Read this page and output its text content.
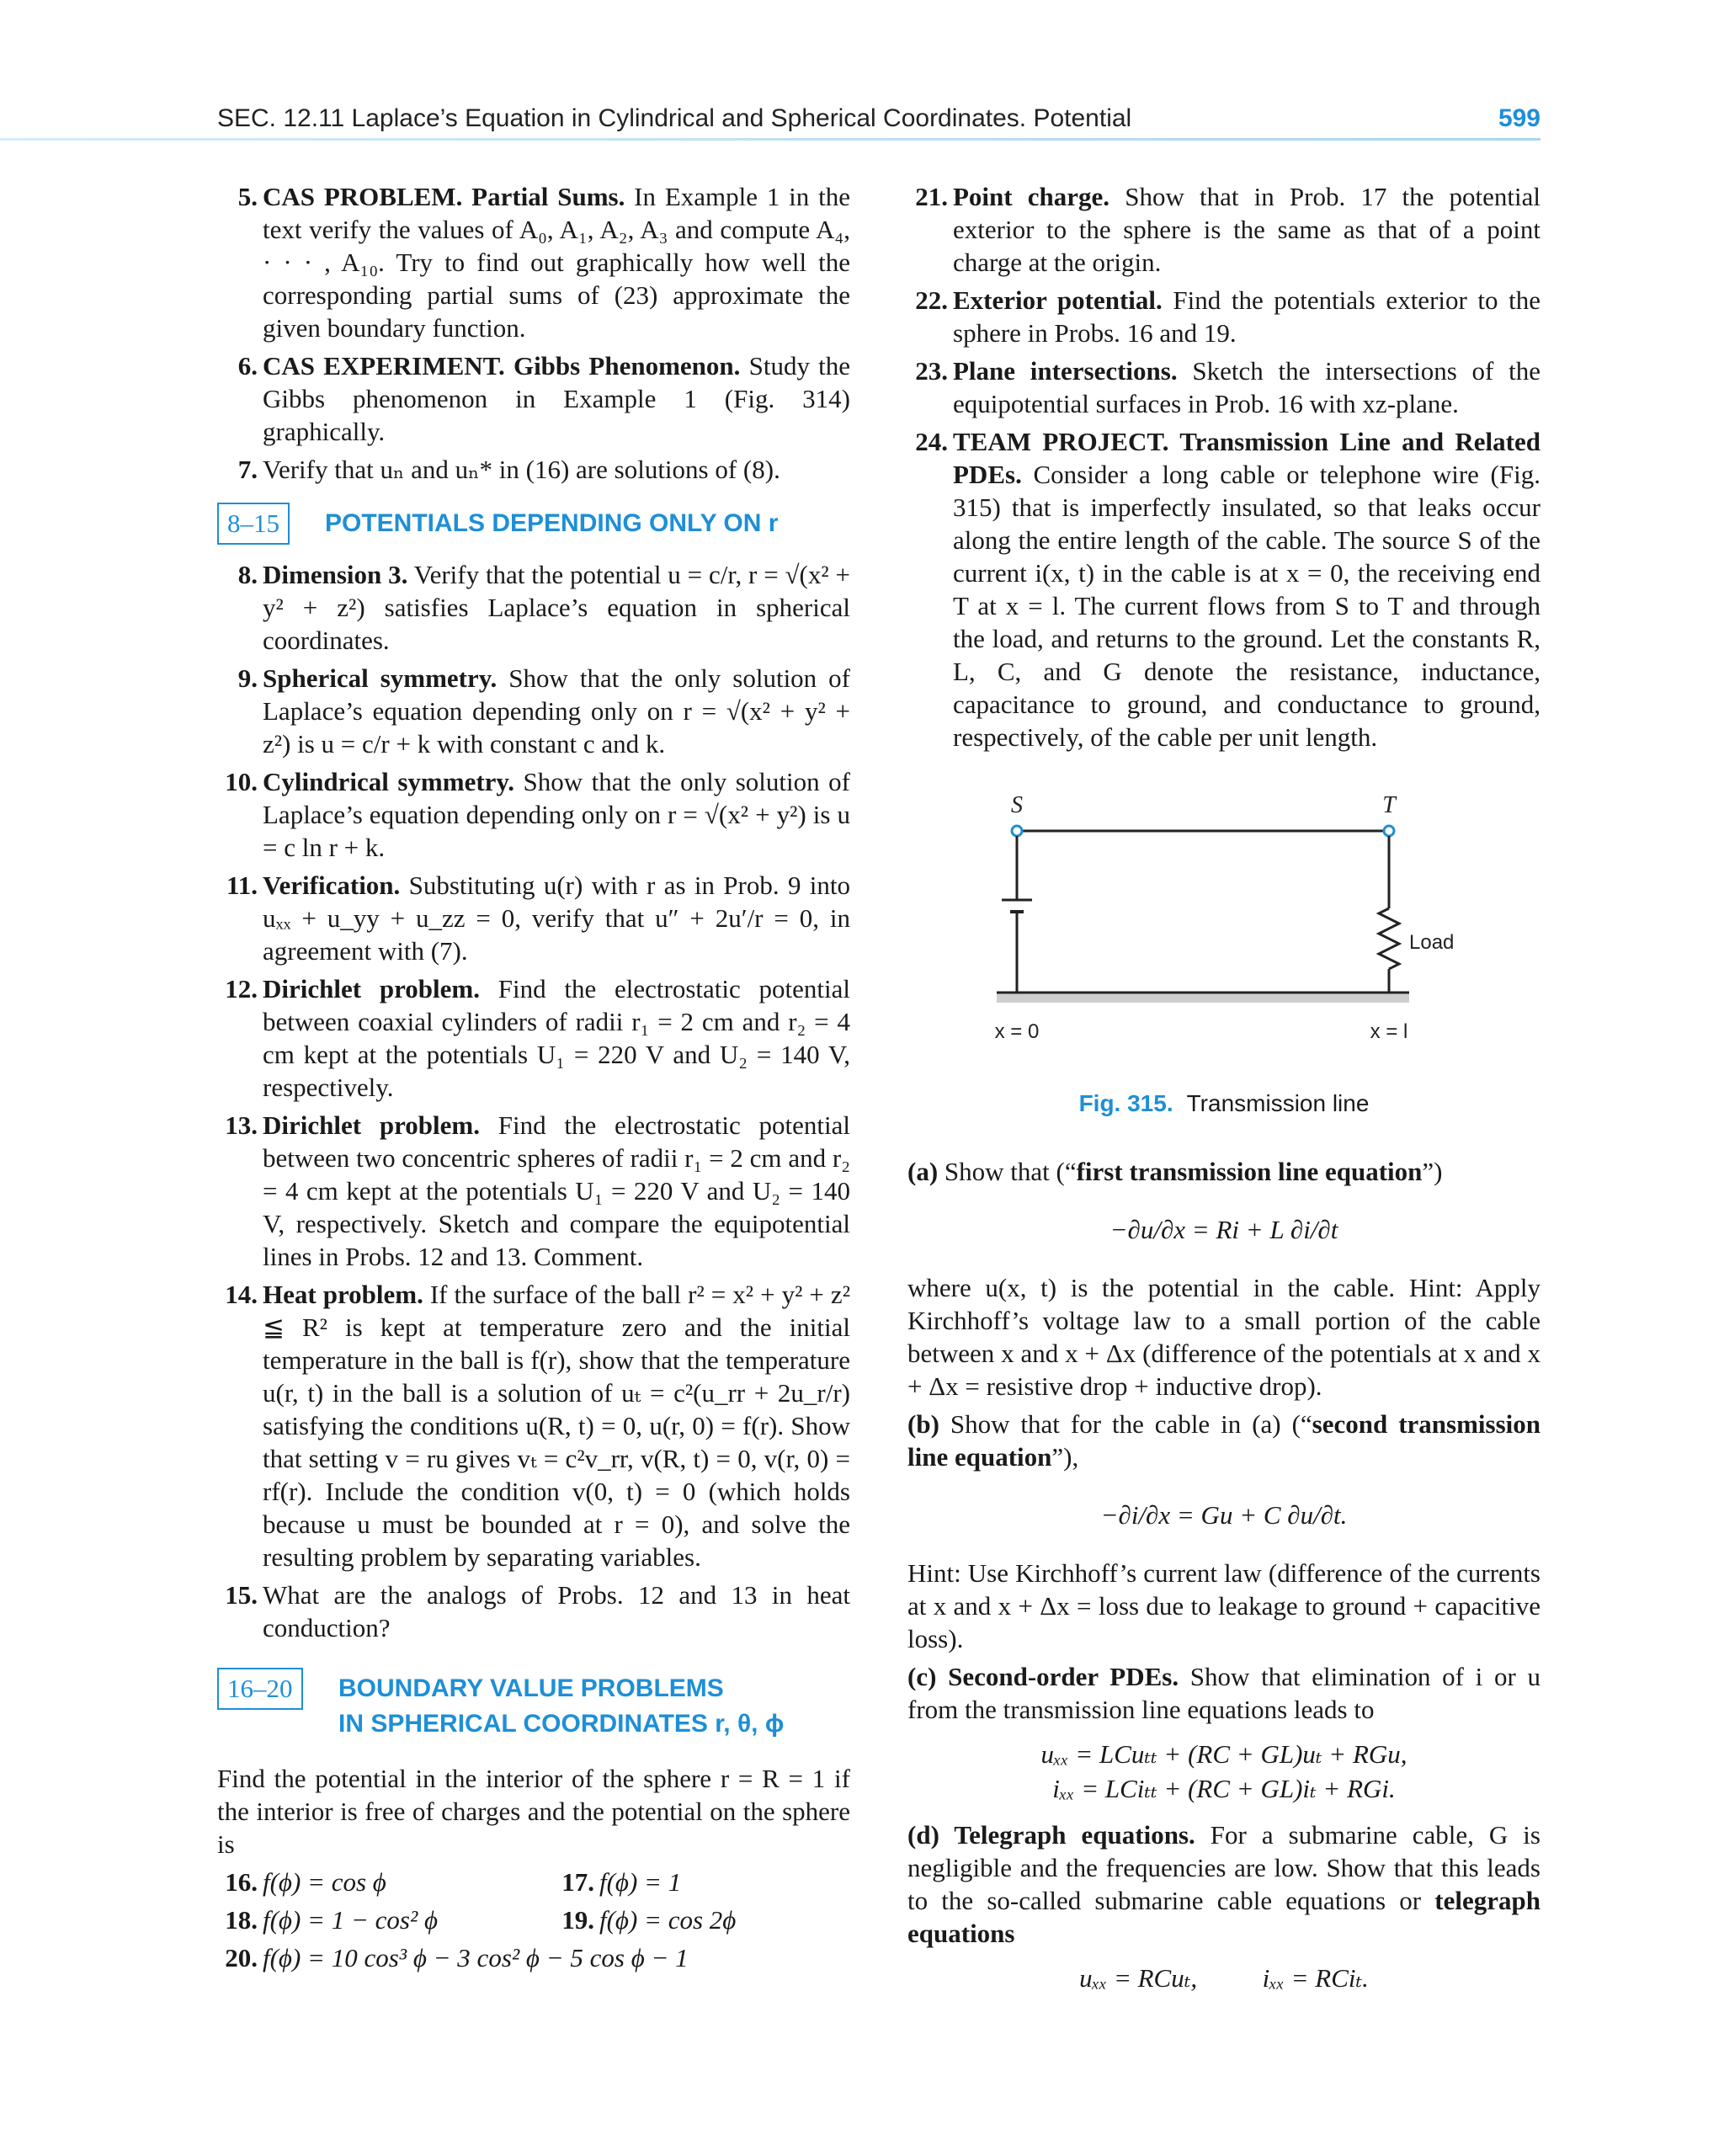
SEC. 12.11 Laplace’s Equation in Cylindrical and Spherical Coordinates. Potential	599
5. CAS PROBLEM. Partial Sums. In Example 1 in the text verify the values of A₀, A₁, A₂, A₃ and compute A₄, · · · , A₁₀. Try to find out graphically how well the corresponding partial sums of (23) approximate the given boundary function.
6. CAS EXPERIMENT. Gibbs Phenomenon. Study the Gibbs phenomenon in Example 1 (Fig. 314) graphically.
7. Verify that uₙ and uₙ* in (16) are solutions of (8).
8–15	POTENTIALS DEPENDING ONLY ON r
8. Dimension 3. Verify that the potential u = c/r, r = √(x² + y² + z²) satisfies Laplace’s equation in spherical coordinates.
9. Spherical symmetry. Show that the only solution of Laplace’s equation depending only on r = √(x² + y² + z²) is u = c/r + k with constant c and k.
10. Cylindrical symmetry. Show that the only solution of Laplace’s equation depending only on r = √(x² + y²) is u = c ln r + k.
11. Verification. Substituting u(r) with r as in Prob. 9 into uₓₓ + u_yy + u_zz = 0, verify that u″ + 2u′/r = 0, in agreement with (7).
12. Dirichlet problem. Find the electrostatic potential between coaxial cylinders of radii r₁ = 2 cm and r₂ = 4 cm kept at the potentials U₁ = 220 V and U₂ = 140 V, respectively.
13. Dirichlet problem. Find the electrostatic potential between two concentric spheres of radii r₁ = 2 cm and r₂ = 4 cm kept at the potentials U₁ = 220 V and U₂ = 140 V, respectively. Sketch and compare the equipotential lines in Probs. 12 and 13. Comment.
14. Heat problem. If the surface of the ball r² = x² + y² + z² ≦ R² is kept at temperature zero and the initial temperature in the ball is f(r), show that the temperature u(r, t) in the ball is a solution of uₜ = c²(u_rr + 2u_r/r) satisfying the conditions u(R, t) = 0, u(r, 0) = f(r). Show that setting v = ru gives vₜ = c²v_rr, v(R, t) = 0, v(r, 0) = rf(r). Include the condition v(0, t) = 0 (which holds because u must be bounded at r = 0), and solve the resulting problem by separating variables.
15. What are the analogs of Probs. 12 and 13 in heat conduction?
16–20	BOUNDARY VALUE PROBLEMS
IN SPHERICAL COORDINATES r, θ, ϕ
Find the potential in the interior of the sphere r = R = 1 if the interior is free of charges and the potential on the sphere is
16. f(ϕ) = cos ϕ	17. f(ϕ) = 1
18. f(ϕ) = 1 − cos² ϕ	19. f(ϕ) = cos 2ϕ
20. f(ϕ) = 10 cos³ ϕ − 3 cos² ϕ − 5 cos ϕ − 1
21. Point charge. Show that in Prob. 17 the potential exterior to the sphere is the same as that of a point charge at the origin.
22. Exterior potential. Find the potentials exterior to the sphere in Probs. 16 and 19.
23. Plane intersections. Sketch the intersections of the equipotential surfaces in Prob. 16 with xz-plane.
24. TEAM PROJECT. Transmission Line and Related PDEs. Consider a long cable or telephone wire (Fig. 315) that is imperfectly insulated, so that leaks occur along the entire length of the cable. The source S of the current i(x, t) in the cable is at x = 0, the receiving end T at x = l. The current flows from S to T and through the load, and returns to the ground. Let the constants R, L, C, and G denote the resistance, inductance, capacitance to ground, and conductance to ground, respectively, of the cable per unit length.
S	T
Load
x = 0	x = l
Fig. 315. Transmission line
(a) Show that (“first transmission line equation”)
−∂u/∂x = Ri + L ∂i/∂t
where u(x, t) is the potential in the cable. Hint: Apply Kirchhoff’s voltage law to a small portion of the cable between x and x + Δx (difference of the potentials at x and x + Δx = resistive drop + inductive drop).
(b) Show that for the cable in (a) (“second transmission line equation”),
−∂i/∂x = Gu + C ∂u/∂t.
Hint: Use Kirchhoff’s current law (difference of the currents at x and x + Δx = loss due to leakage to ground + capacitive loss).
(c) Second-order PDEs. Show that elimination of i or u from the transmission line equations leads to
uₓₓ = LCuₜₜ + (RC + GL)uₜ + RGu,
iₓₓ = LCiₜₜ + (RC + GL)iₜ + RGi.
(d) Telegraph equations. For a submarine cable, G is negligible and the frequencies are low. Show that this leads to the so-called submarine cable equations or telegraph equations
uₓₓ = RCuₜ,          iₓₓ = RCiₜ.
